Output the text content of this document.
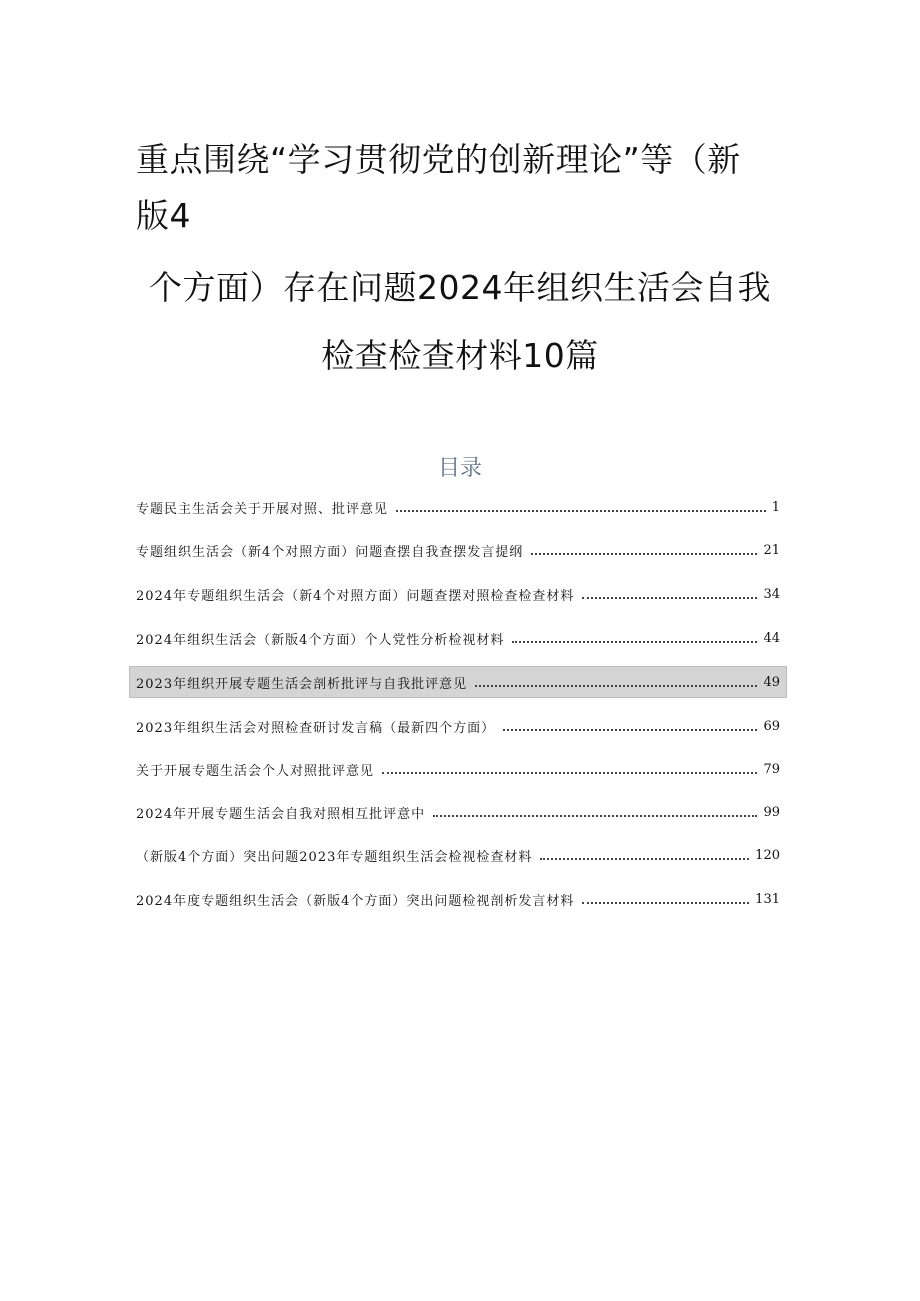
重点围绕“学习贯彻党的创新理论”等（新
版4
个方面）存在问题2024年组织生活会自我
检查检查材料10篇
目录
专题民主生活会关于开展对照、批评意见	1
专题组织生活会（新4个对照方面）问题查摆自我查摆发言提纲	21
2024年专题组织生活会（新4个对照方面）问题查摆对照检查检查材料	34
2024年组织生活会（新版4个方面）个人党性分析检视材料	44
2023年组织开展专题生活会剖析批评与自我批评意见	49
2023年组织生活会对照检查研讨发言稿（最新四个方面）	69
关于开展专题生活会个人对照批评意见	79
2024年开展专题生活会自我对照相互批评意中	99
（新版4个方面）突出问题2023年专题组织生活会检视检查材料	120
2024年度专题组织生活会（新版4个方面）突出问题检视剖析发言材料	131
